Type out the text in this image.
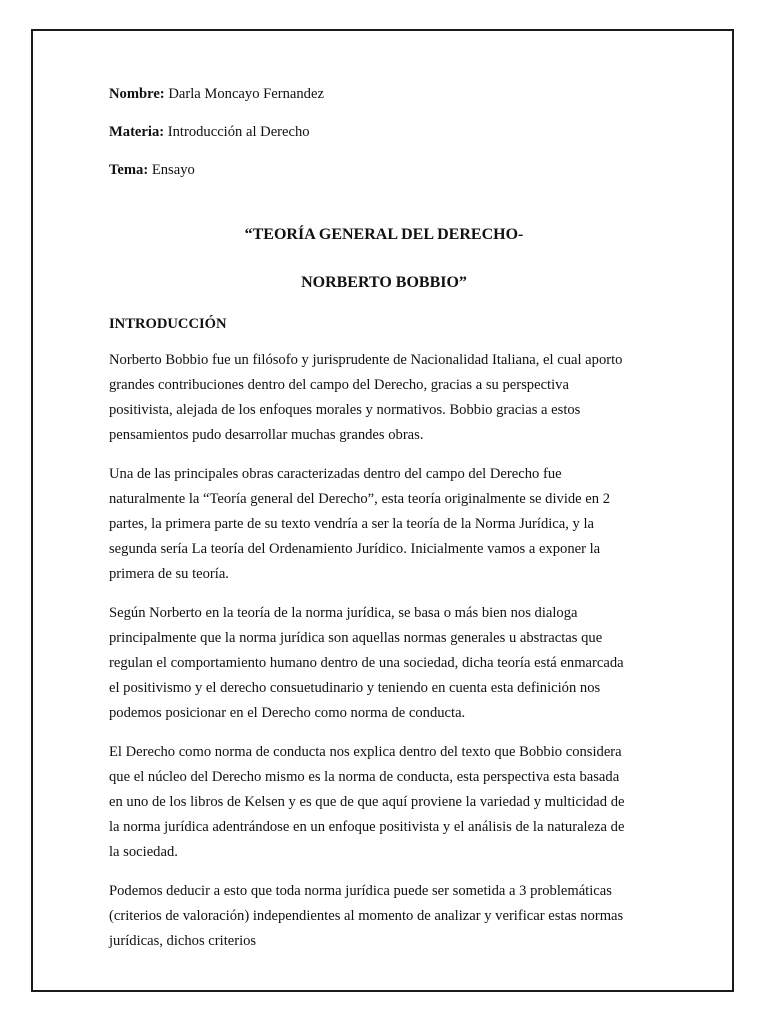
Nombre: Darla Moncayo Fernandez

Materia: Introducción al Derecho

Tema: Ensayo

“TEORÍA GENERAL DEL DERECHO-
NORBERTO BOBBIO”
INTRODUCCIÓN
Norberto Bobbio fue un filósofo y jurisprudente de Nacionalidad Italiana, el cual aporto
grandes contribuciones dentro del campo del Derecho, gracias a su perspectiva
positivista, alejada de los enfoques morales y normativos. Bobbio gracias a estos
pensamientos pudo desarrollar muchas grandes obras.
Una de las principales obras caracterizadas dentro del campo del Derecho fue
naturalmente la “Teoría general del Derecho”, esta teoría originalmente se divide en 2
partes, la primera parte de su texto vendría a ser la teoría de la Norma Jurídica, y la
segunda sería La teoría del Ordenamiento Jurídico. Inicialmente vamos a exponer la
primera de su teoría.
Según Norberto en la teoría de la norma jurídica, se basa o más bien nos dialoga
principalmente que la norma jurídica son aquellas normas generales u abstractas que
regulan el comportamiento humano dentro de una sociedad, dicha teoría está enmarcada
el positivismo y el derecho consuetudinario y teniendo en cuenta esta definición nos
podemos posicionar en el Derecho como norma de conducta.
El Derecho como norma de conducta nos explica dentro del texto que Bobbio considera
que el núcleo del Derecho mismo es la norma de conducta, esta perspectiva esta basada
en uno de los libros de Kelsen y es que de que aquí proviene la variedad y multicidad de
la norma jurídica adentrándose en un enfoque positivista y el análisis de la naturaleza de
la sociedad.
Podemos deducir a esto que toda norma jurídica puede ser sometida a 3 problemáticas
(criterios de valoración) independientes al momento de analizar y verificar estas normas
jurídicas, dichos criterios
